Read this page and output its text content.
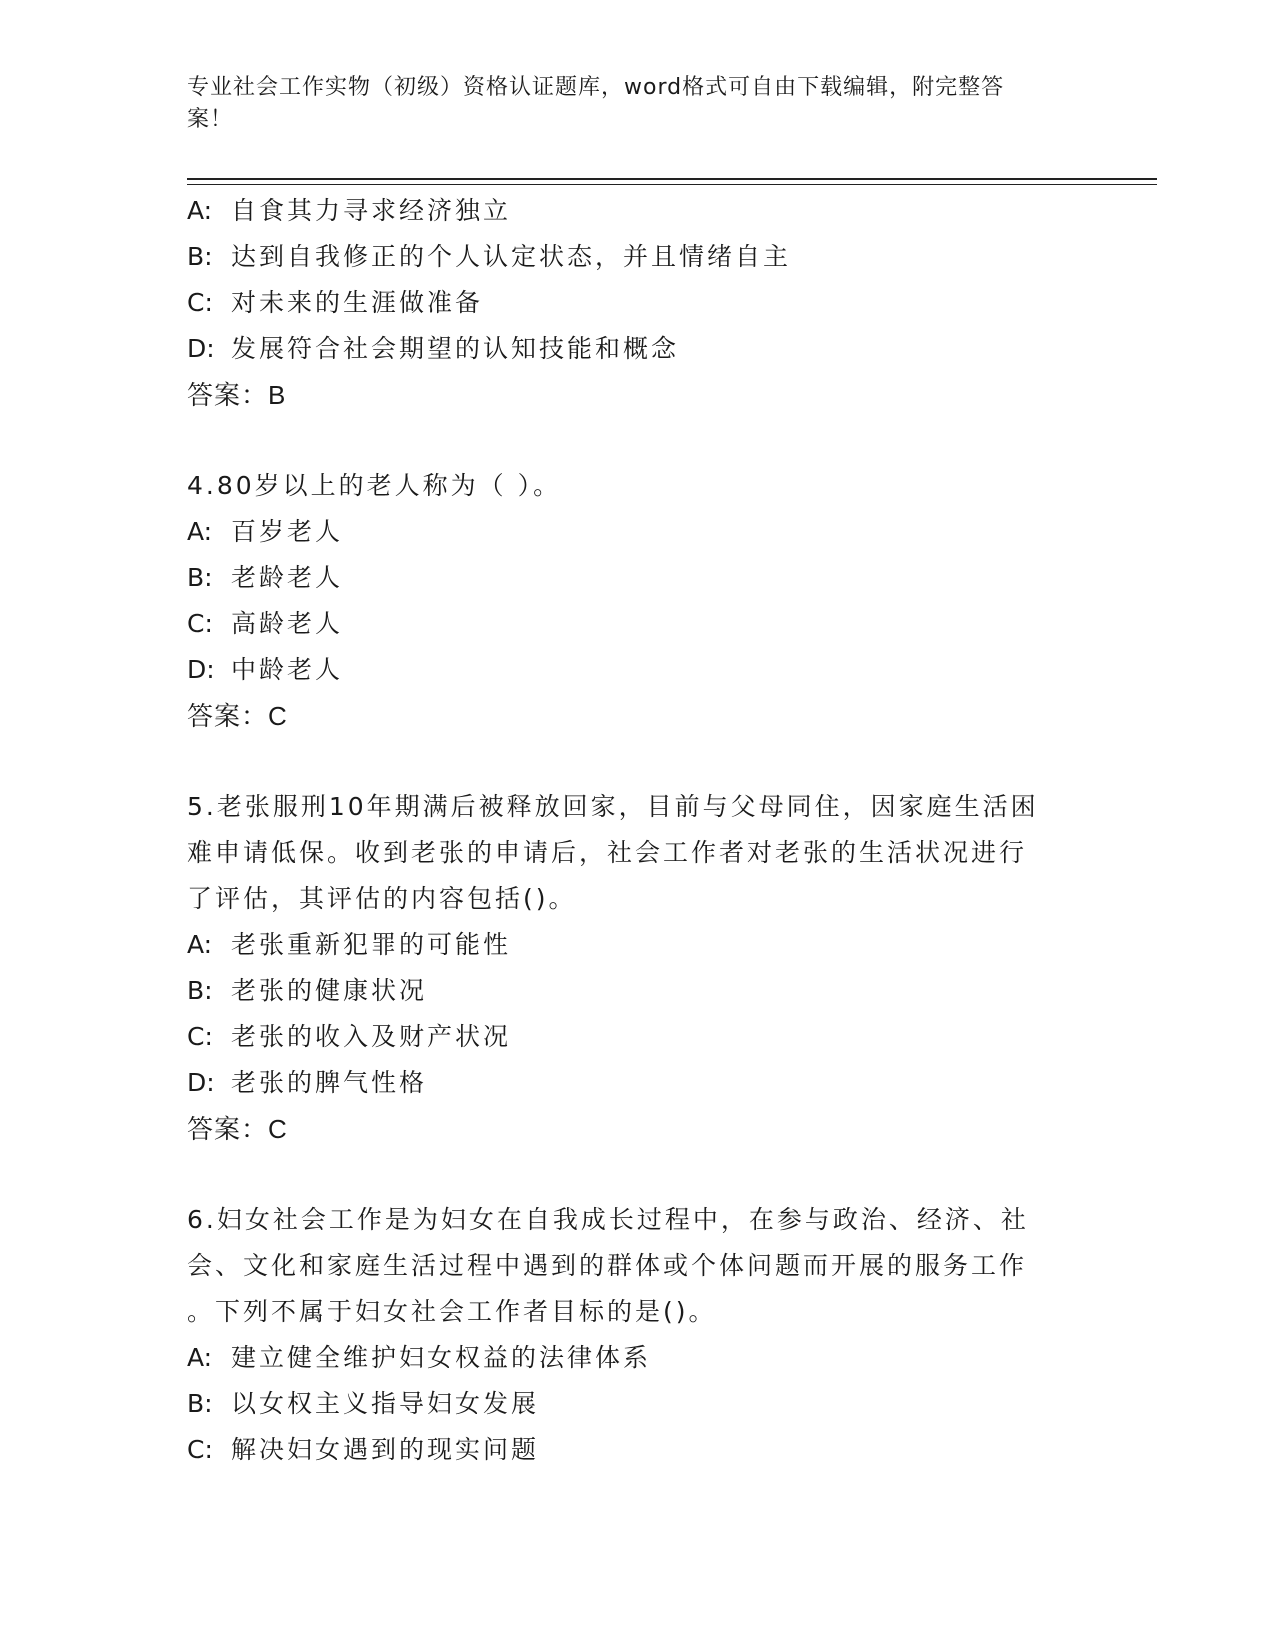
专业社会工作实物（初级）资格认证题库，word格式可自由下载编辑，附完整答
案！
A: 自食其力寻求经济独立
B: 达到自我修正的个人认定状态，并且情绪自主
C: 对未来的生涯做准备
D: 发展符合社会期望的认知技能和概念
答案：B
4.80岁以上的老人称为（ ）。
A: 百岁老人
B: 老龄老人
C: 高龄老人
D: 中龄老人
答案：C
5.老张服刑10年期满后被释放回家，目前与父母同住，因家庭生活困
难申请低保。收到老张的申请后，社会工作者对老张的生活状况进行
了评估，其评估的内容包括()。
A: 老张重新犯罪的可能性
B: 老张的健康状况
C: 老张的收入及财产状况
D: 老张的脾气性格
答案：C
6.妇女社会工作是为妇女在自我成长过程中，在参与政治、经济、社
会、文化和家庭生活过程中遇到的群体或个体问题而开展的服务工作
。下列不属于妇女社会工作者目标的是()。
A: 建立健全维护妇女权益的法律体系
B: 以女权主义指导妇女发展
C: 解决妇女遇到的现实问题
